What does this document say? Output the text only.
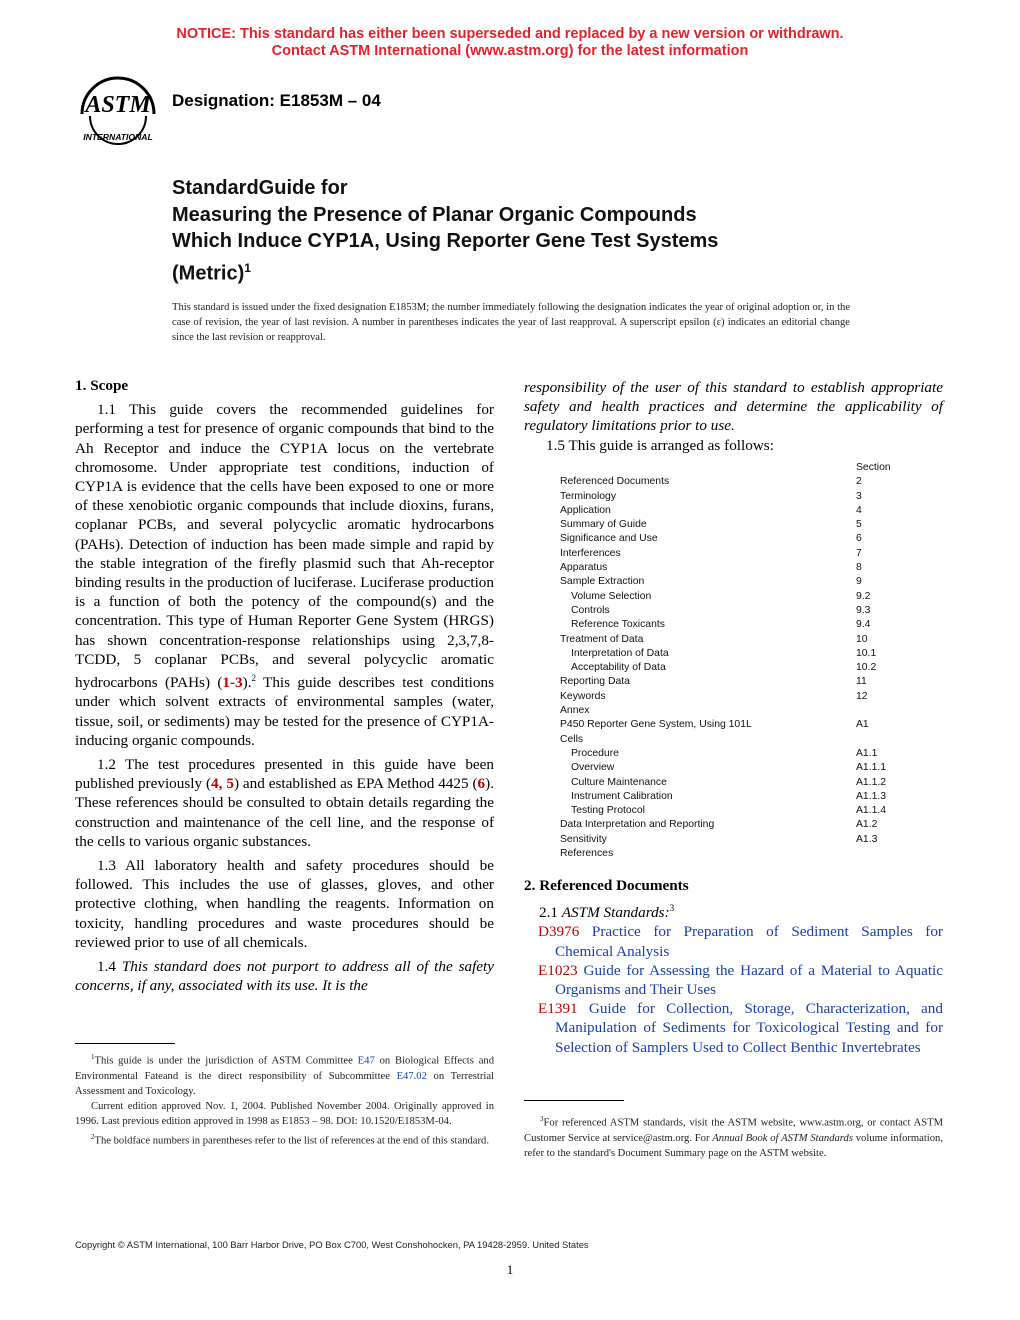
NOTICE: This standard has either been superseded and replaced by a new version or withdrawn.
Contact ASTM International (www.astm.org) for the latest information
ASTM
INTERNATIONAL
Designation: E1853M – 04
StandardGuide for
Measuring the Presence of Planar Organic Compounds
Which Induce CYP1A, Using Reporter Gene Test Systems
(Metric)$^1$
This standard is issued under the fixed designation E1853M; the number immediately following the designation indicates the year of original adoption or, in the case of revision, the year of last revision. A number in parentheses indicates the year of last reapproval. A superscript epsilon (ε) indicates an editorial change since the last revision or reapproval.

1. Scope

1.1 This guide covers the recommended guidelines for performing a test for presence of organic compounds that bind to the Ah Receptor and induce the CYP1A locus on the vertebrate chromosome. Under appropriate test conditions, induction of CYP1A is evidence that the cells have been exposed to one or more of these xenobiotic organic compounds that include dioxins, furans, coplanar PCBs, and several polycyclic aromatic hydrocarbons (PAHs). Detection of induction has been made simple and rapid by the stable integration of the firefly plasmid such that Ah-receptor binding results in the production of luciferase. Luciferase production is a function of both the potency of the compound(s) and the concentration. This type of Human Reporter Gene System (HRGS) has shown concentration-response relationships using 2,3,7,8-TCDD, 5 coplanar PCBs, and several polycyclic aromatic hydrocarbons (PAHs) (1-3).$^2$ This guide describes test conditions under which solvent extracts of environmental samples (water, tissue, soil, or sediments) may be tested for the presence of CYP1A-inducing organic compounds.

1.2 The test procedures presented in this guide have been published previously (4, 5) and established as EPA Method 4425 (6). These references should be consulted to obtain details regarding the construction and maintenance of the cell line, and the response of the cells to various organic substances.

1.3 All laboratory health and safety procedures should be followed. This includes the use of glasses, gloves, and other protective clothing, when handling the reagents. Information on toxicity, handling procedures and waste procedures should be reviewed prior to use of all chemicals.

1.4 This standard does not purport to address all of the safety concerns, if any, associated with its use. It is the

$^1$This guide is under the jurisdiction of ASTM Committee E47 on Biological Effects and Environmental Fateand is the direct responsibility of Subcommittee E47.02 on Terrestrial Assessment and Toxicology.

Current edition approved Nov. 1, 2004. Published November 2004. Originally approved in 1996. Last previous edition approved in 1998 as E1853 – 98. DOI: 10.1520/E1853M-04.

$^2$The boldface numbers in parentheses refer to the list of references at the end of this standard.

responsibility of the user of this standard to establish appropriate safety and health practices and determine the applicability of regulatory limitations prior to use.

1.5 This guide is arranged as follows:

Section
Referenced Documents	2
Terminology	3
Application	4
Summary of Guide	5
Significance and Use	6
Interferences	7
Apparatus	8
Sample Extraction	9
Volume Selection	9.2
Controls	9.3
Reference Toxicants	9.4
Treatment of Data	10
Interpretation of Data	10.1
Acceptability of Data	10.2
Reporting Data	11
Keywords	12
Annex
P450 Reporter Gene System, Using 101L	A1
Cells
Procedure	A1.1
Overview	A1.1.1
Culture Maintenance	A1.1.2
Instrument Calibration	A1.1.3
Testing Protocol	A1.1.4
Data Interpretation and Reporting	A1.2
Sensitivity	A1.3
References

2. Referenced Documents

2.1 ASTM Standards:$^3$

D3976 Practice for Preparation of Sediment Samples for Chemical Analysis

E1023 Guide for Assessing the Hazard of a Material to Aquatic Organisms and Their Uses

E1391 Guide for Collection, Storage, Characterization, and Manipulation of Sediments for Toxicological Testing and for Selection of Samplers Used to Collect Benthic Invertebrates

$^3$For referenced ASTM standards, visit the ASTM website, www.astm.org, or contact ASTM Customer Service at service@astm.org. For Annual Book of ASTM Standards volume information, refer to the standard's Document Summary page on the ASTM website.

Copyright © ASTM International, 100 Barr Harbor Drive, PO Box C700, West Conshohocken, PA 19428-2959. United States
1
